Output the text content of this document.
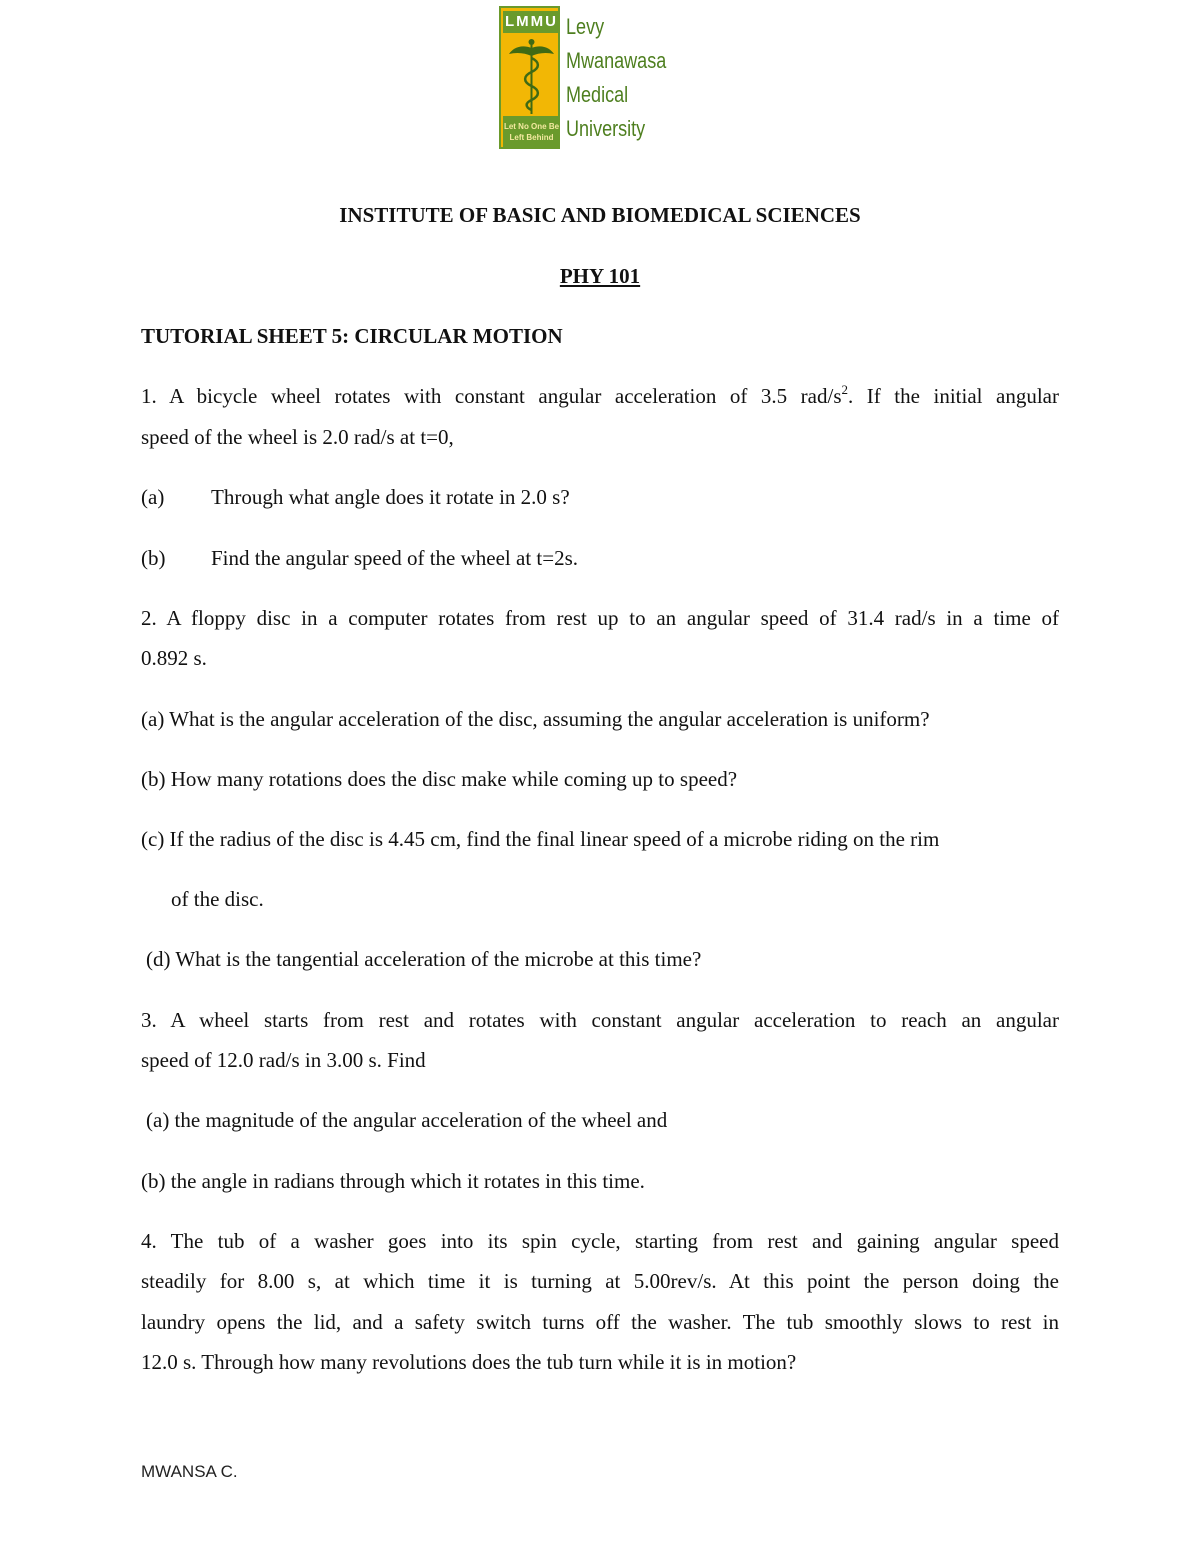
LMMU
Let No One Be
Left Behind
Levy
Mwanawasa
Medical
University
INSTITUTE OF BASIC AND BIOMEDICAL SCIENCES
PHY 101
TUTORIAL SHEET 5: CIRCULAR MOTION
1. A bicycle wheel rotates with constant angular acceleration of 3.5 rad/$s^2$. If the initial angular
speed of the wheel is 2.0 rad/s at t=0,
(a) Through what angle does it rotate in 2.0 s?
(b) Find the angular speed of the wheel at t=2s.
2. A floppy disc in a computer rotates from rest up to an angular speed of 31.4 rad/s in a time of
0.892 s.
(a) What is the angular acceleration of the disc, assuming the angular acceleration is uniform?
(b) How many rotations does the disc make while coming up to speed?
(c) If the radius of the disc is 4.45 cm, find the final linear speed of a microbe riding on the rim
of the disc.
(d) What is the tangential acceleration of the microbe at this time?
3. A wheel starts from rest and rotates with constant angular acceleration to reach an angular
speed of 12.0 rad/s in 3.00 s. Find
(a) the magnitude of the angular acceleration of the wheel and
(b) the angle in radians through which it rotates in this time.
4. The tub of a washer goes into its spin cycle, starting from rest and gaining angular speed
steadily for 8.00 s, at which time it is turning at 5.00rev/s. At this point the person doing the
laundry opens the lid, and a safety switch turns off the washer. The tub smoothly slows to rest in
12.0 s. Through how many revolutions does the tub turn while it is in motion?
MWANSA C.
